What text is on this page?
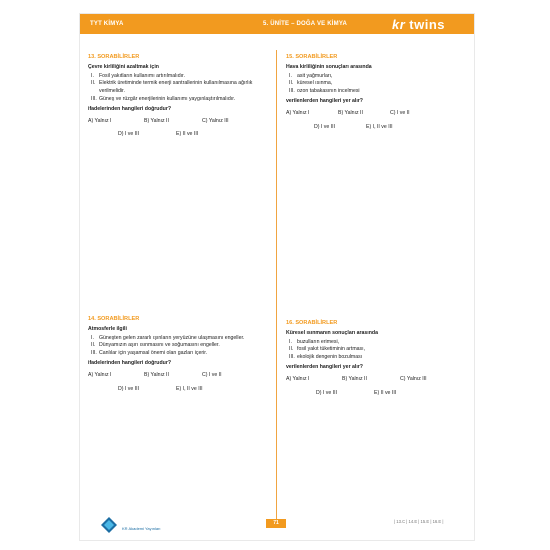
TYT KİMYA	5. ÜNİTE – DOĞA VE KİMYA	kr twins
13. SORABİLİRLER
Çevre kirliliğini azaltmak için
I. Fosil yakıtların kullanımı artırılmalıdır.
II. Elektrik üretiminde termik enerji santrallerinin kullanılmasına ağırlık verilmelidir.
III. Güneş ve rüzgâr enerjilerinin kullanımı yaygınlaştırılmalıdır.
ifadelerinden hangileri doğrudur?
A) Yalnız I	B) Yalnız II	C) Yalnız III
D) I ve III	E) II ve III
15. SORABİLİRLER
Hava kirliliğinin sonuçları arasında
I. asit yağmurları,
II. küresel ısınma,
III. ozon tabakasının incelmesi
verilenlerden hangileri yer alır?
A) Yalnız I	B) Yalnız II	C) I ve II
D) I ve III	E) I, II ve III
14. SORABİLİRLER
Atmosferle ilgili
I. Güneşten gelen zararlı ışınların yeryüzüne ulaşmasını engeller.
II. Dünyamızın aşırı ısınmasını ve soğumasını engeller.
III. Canlılar için yaşamsal önemi olan gazları içerir.
ifadelerinden hangileri doğrudur?
A) Yalnız I	B) Yalnız II	C) I ve II
D) I ve III	E) I, II ve III
16. SORABİLİRLER
Küresel ısınmanın sonuçları arasında
I. buzulların erimesi,
II. fosil yakıt tüketiminin artması,
III. ekolojik dengenin bozulması
verilenlerden hangileri yer alır?
A) Yalnız I	B) Yalnız II	C) Yalnız III
D) I ve III	E) II ve III
KR Akademi Yayınları
71	| 13.C | 14.E | 15.E | 16.E |
